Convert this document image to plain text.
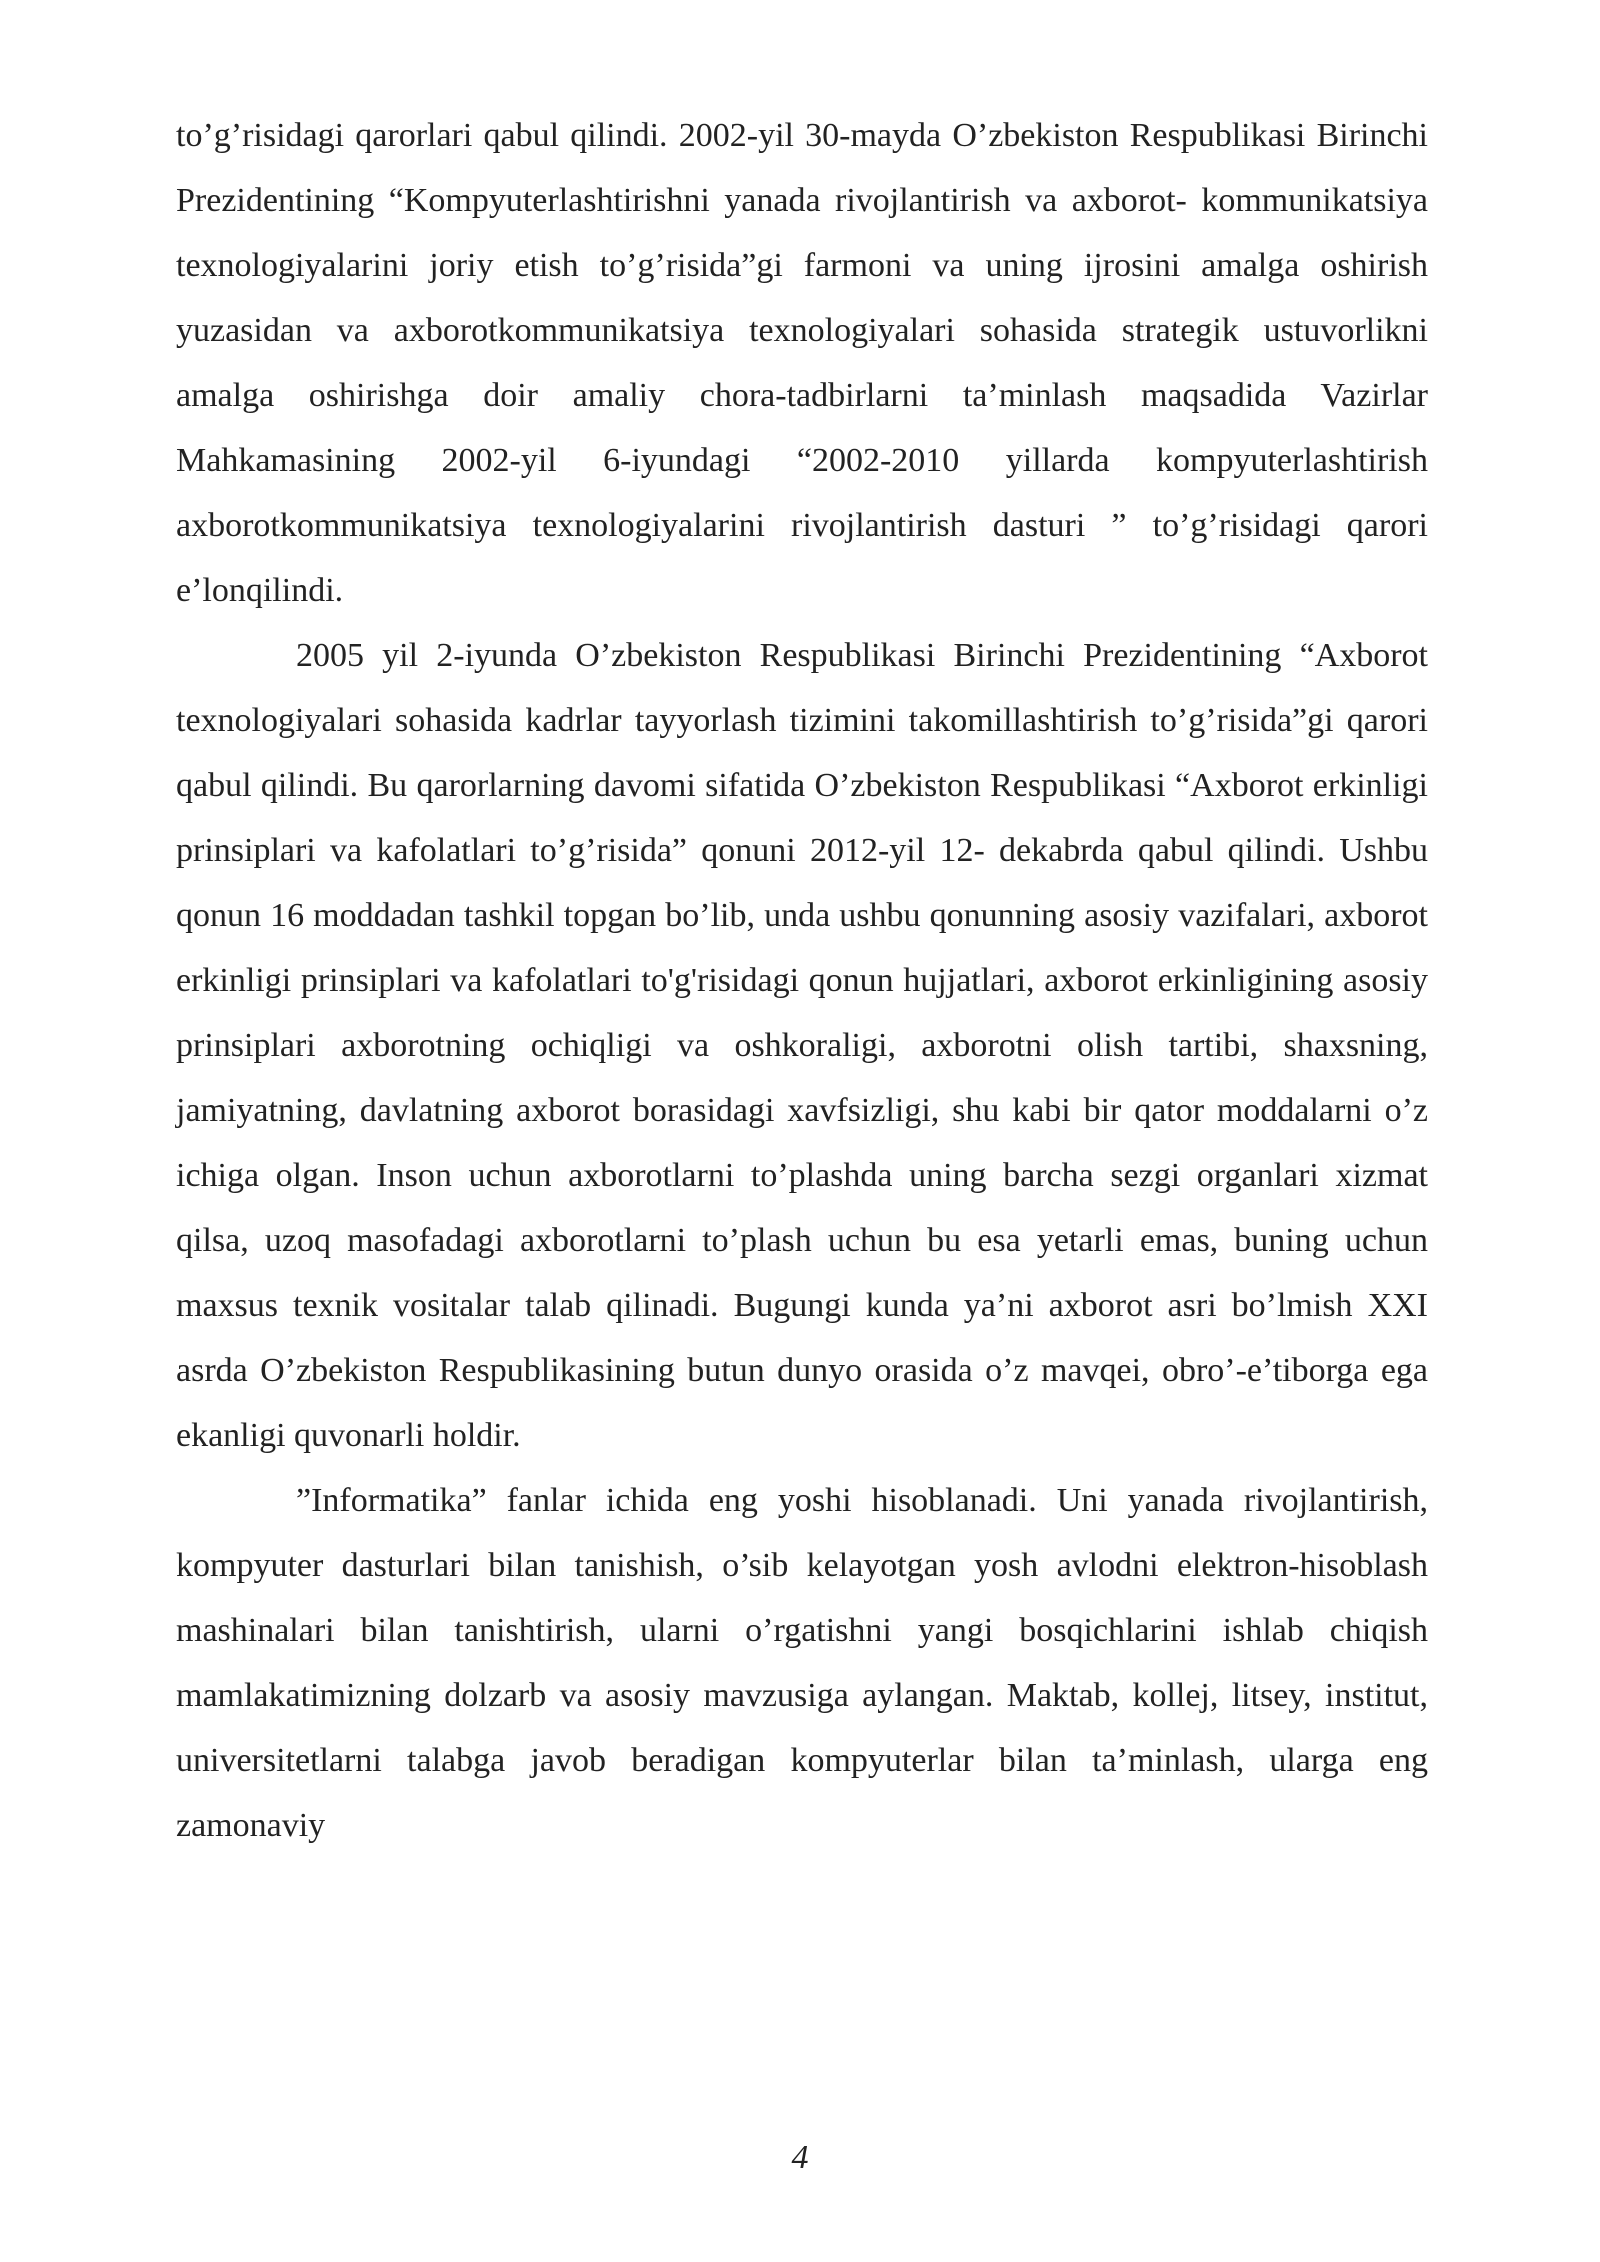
to’g’risidagi qarorlari qabul qilindi. 2002-yil 30-mayda O’zbekiston Respublikasi Birinchi Prezidentining “Kompyuterlashtirishni yanada rivojlantirish va axborot- kommunikatsiya texnologiyalarini joriy etish to’g’risida”gi farmoni va uning ijrosini amalga oshirish yuzasidan va axborotkommunikatsiya texnologiyalari sohasida strategik ustuvorlikni amalga oshirishga doir amaliy chora-tadbirlarni ta’minlash maqsadida Vazirlar Mahkamasining 2002-yil 6-iyundagi “2002-2010 yillarda kompyuterlashtirish axborotkommunikatsiya texnologiyalarini rivojlantirish dasturi ” to’g’risidagi qarori e’lonqilindi.

2005 yil 2-iyunda O’zbekiston Respublikasi Birinchi Prezidentining “Axborot texnologiyalari sohasida kadrlar tayyorlash tizimini takomillashtirish to’g’risida”gi qarori qabul qilindi. Bu qarorlarning davomi sifatida O’zbekiston Respublikasi “Axborot erkinligi prinsiplari va kafolatlari to’g’risida” qonuni 2012-yil 12- dekabrda qabul qilindi. Ushbu qonun 16 moddadan tashkil topgan bo’lib, unda ushbu qonunning asosiy vazifalari, axborot erkinligi prinsiplari va kafolatlari to'g'risidagi qonun hujjatlari, axborot erkinligining asosiy prinsiplari axborotning ochiqligi va oshkoraligi, axborotni olish tartibi, shaxsning, jamiyatning, davlatning axborot borasidagi xavfsizligi, shu kabi bir qator moddalarni o’z ichiga olgan. Inson uchun axborotlarni to’plashda uning barcha sezgi organlari xizmat qilsa, uzoq masofadagi axborotlarni to’plash uchun bu esa yetarli emas, buning uchun maxsus texnik vositalar talab qilinadi. Bugungi kunda ya’ni axborot asri bo’lmish XXI asrda O’zbekiston Respublikasining butun dunyo orasida o’z mavqei, obro’-e’tiborga ega ekanligi quvonarli holdir.

”Informatika” fanlar ichida eng yoshi hisoblanadi. Uni yanada rivojlantirish, kompyuter dasturlari bilan tanishish, o’sib kelayotgan yosh avlodni elektron-hisoblash mashinalari bilan tanishtirish, ularni o’rgatishni yangi bosqichlarini ishlab chiqish mamlakatimizning dolzarb va asosiy mavzusiga aylangan. Maktab, kollej, litsey, institut, universitetlarni talabga javob beradigan kompyuterlar bilan ta’minlash, ularga eng zamonaviy

4
